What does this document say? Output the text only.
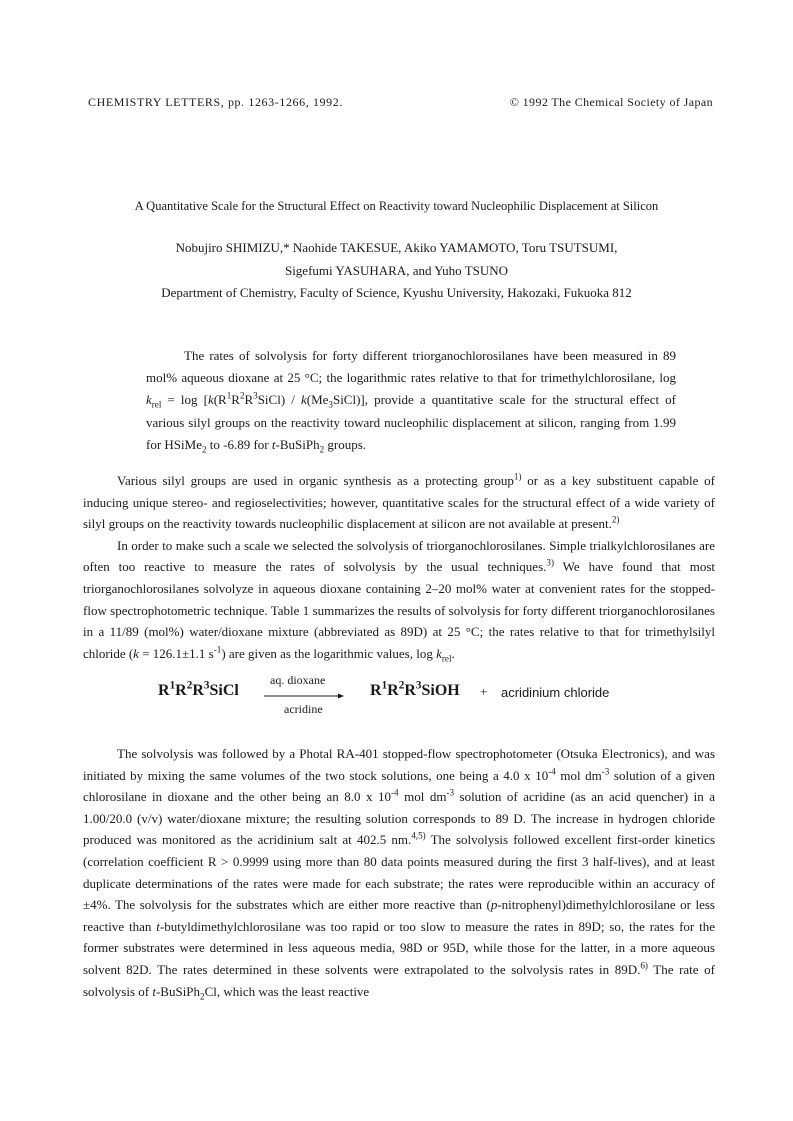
CHEMISTRY LETTERS, pp. 1263-1266, 1992.	© 1992 The Chemical Society of Japan
A Quantitative Scale for the Structural Effect on Reactivity toward Nucleophilic Displacement at Silicon
Nobujiro SHIMIZU,* Naohide TAKESUE, Akiko YAMAMOTO, Toru TSUTSUMI,
Sigefumi YASUHARA, and Yuho TSUNO
Department of Chemistry, Faculty of Science, Kyushu University, Hakozaki, Fukuoka 812
The rates of solvolysis for forty different triorganochlorosilanes have been measured in 89 mol% aqueous dioxane at 25 °C; the logarithmic rates relative to that for trimethylchlorosilane, $\log k_{rel} = \log$ [$k(R^1R^2R^3SiCl)$ / $k(Me_3SiCl)$], provide a quantitative scale for the structural effect of various silyl groups on the reactivity toward nucleophilic displacement at silicon, ranging from 1.99 for HSiMe$_2$ to -6.89 for t-BuSiPh$_2$ groups.

Various silyl groups are used in organic synthesis as a protecting group$^{1)}$ or as a key substituent capable of inducing unique stereo- and regioselectivities; however, quantitative scales for the structural effect of a wide variety of silyl groups on the reactivity towards nucleophilic displacement at silicon are not available at present.$^{2)}$

In order to make such a scale we selected the solvolysis of triorganochlorosilanes. Simple trialkylchlorosilanes are often too reactive to measure the rates of solvolysis by the usual techniques.$^{3)}$ We have found that most triorganochlorosilanes solvolyze in aqueous dioxane containing 2–20 mol% water at convenient rates for the stopped-flow spectrophotometric technique. Table 1 summarizes the results of solvolysis for forty different triorganochlorosilanes in a 11/89 (mol%) water/dioxane mixture (abbreviated as 89D) at 25 °C; the rates relative to that for trimethylsilyl chloride (k = 126.1±1.1 $s^{-1}$) are given as the logarithmic values, $\log k_{rel}$.

$R^1R^2R^3SiCl$
aq. dioxane
acridine
$R^1R^2R^3SiOH$ + acridinium chloride

The solvolysis was followed by a Photal RA-401 stopped-flow spectrophotometer (Otsuka Electronics), and was initiated by mixing the same volumes of the two stock solutions, one being a 4.0 x $10^{-4}$ mol $dm^{-3}$ solution of a given chlorosilane in dioxane and the other being an 8.0 x $10^{-4}$ mol $dm^{-3}$ solution of acridine (as an acid quencher) in a 1.00/20.0 (v/v) water/dioxane mixture; the resulting solution corresponds to 89 D. The increase in hydrogen chloride produced was monitored as the acridinium salt at 402.5 nm.$^{4,5)}$ The solvolysis followed excellent first-order kinetics (correlation coefficient R > 0.9999 using more than 80 data points measured during the first 3 half-lives), and at least duplicate determinations of the rates were made for each substrate; the rates were reproducible within an accuracy of ±4%. The solvolysis for the substrates which are either more reactive than (p-nitrophenyl)dimethylchlorosilane or less reactive than t-butyldimethylchlorosilane was too rapid or too slow to measure the rates in 89D; so, the rates for the former substrates were determined in less aqueous media, 98D or 95D, while those for the latter, in a more aqueous solvent 82D. The rates determined in these solvents were extrapolated to the solvolysis rates in 89D.$^{6)}$ The rate of solvolysis of t-BuSiPh$_2$Cl, which was the least reactive
